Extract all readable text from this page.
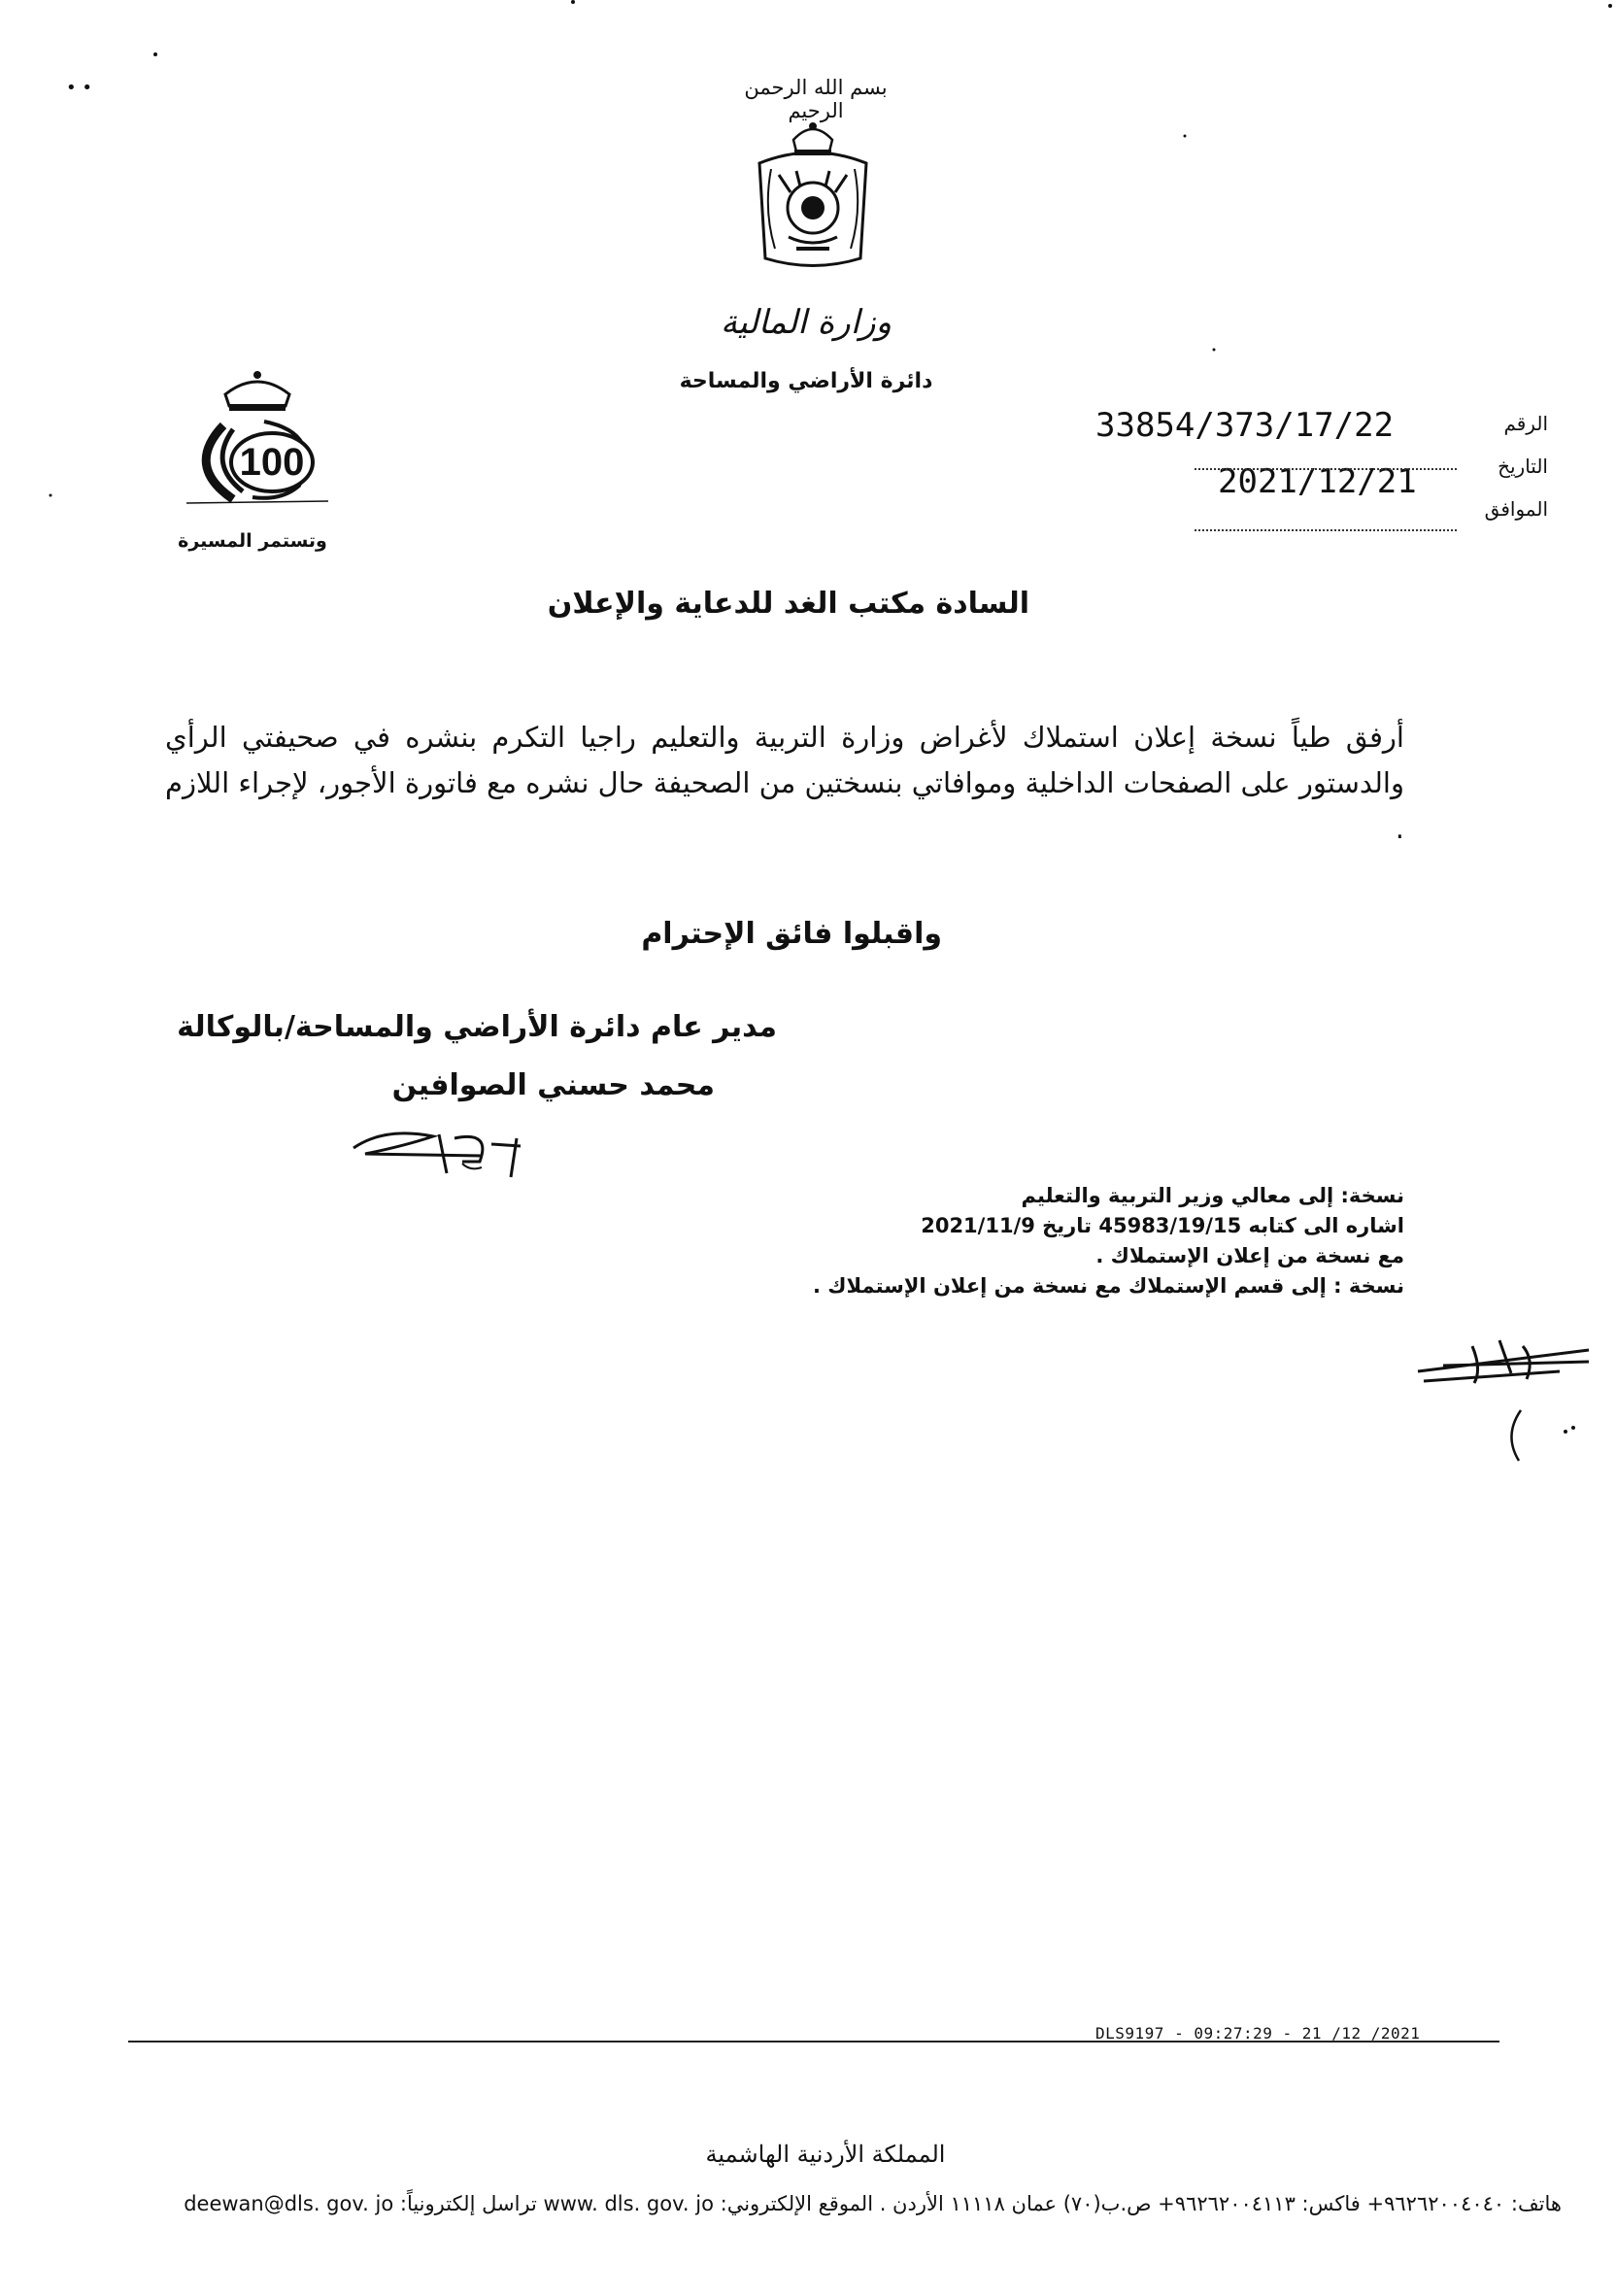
• •	بسم الله الرحمن الرحيم
وزارة المالية
دائرة الأراضي والمساحة
100
وتستمر المسيرة
الرقم
التاريخ
الموافق
33854/373/17/22
2021/12/21
السادة مكتب الغد للدعاية والإعلان
أرفق طياً نسخة إعلان استملاك لأغراض وزارة التربية والتعليم راجيا التكرم بنشره في صحيفتي الرأي والدستور على الصفحات الداخلية وموافاتي بنسختين من الصحيفة حال نشره مع فاتورة الأجور، لإجراء اللازم .
واقبلوا فائق الإحترام
مدير عام دائرة الأراضي والمساحة/بالوكالة
محمد حسني الصوافين
نسخة: إلى معالي وزير التربية والتعليم
اشاره الى كتابه 45983/19/15 تاريخ 2021/11/9
مع نسخة من إعلان الإستملاك .
نسخة : إلى قسم الإستملاك مع نسخة من إعلان الإستملاك .
DLS9197 - 09:27:29 - 21 /12 /2021
المملكة الأردنية الهاشمية
هاتف: ٩٦٢٦٢٠٠٤٠٤٠+ فاكس: ٩٦٢٦٢٠٠٤١١٣+ ص.ب(٧٠) عمان ١١١١٨ الأردن . الموقع الإلكتروني: www. dls. gov. jo تراسل إلكترونياً: deewan@dls. gov. jo
